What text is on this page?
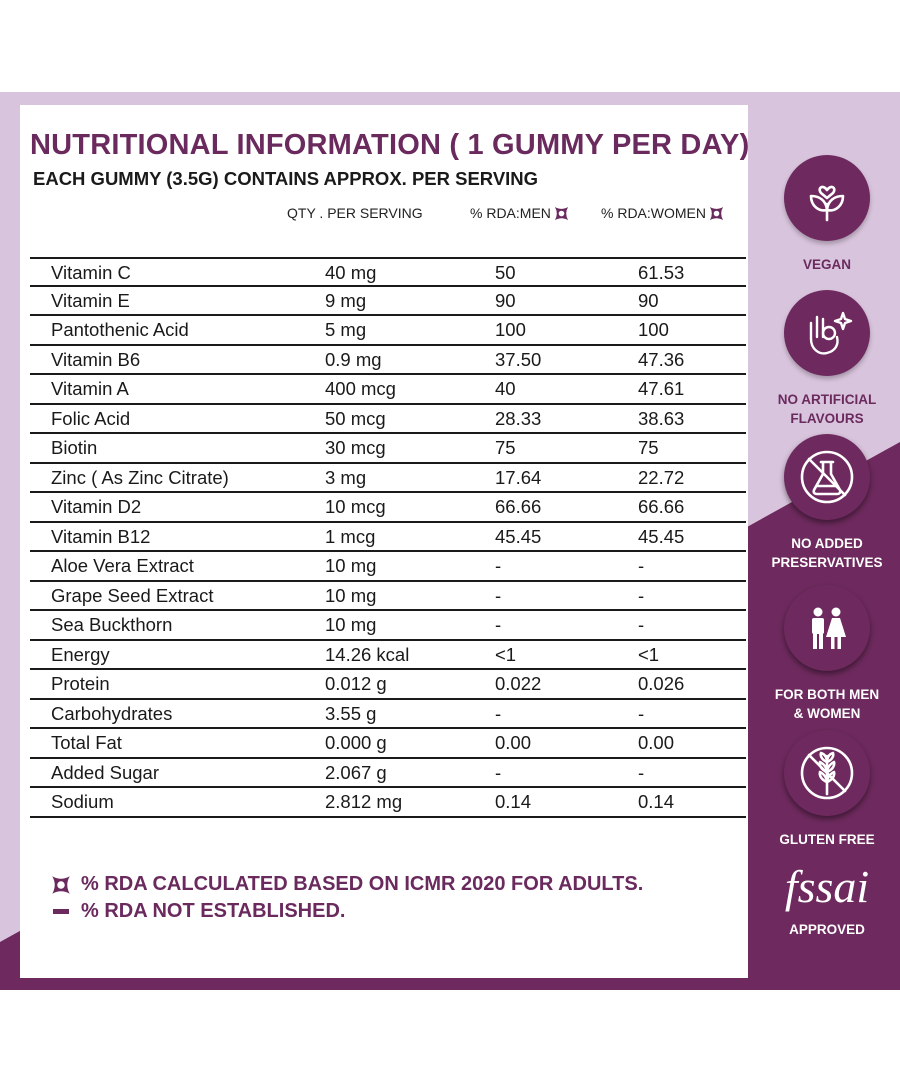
NUTRITIONAL INFORMATION ( 1 GUMMY PER DAY)
EACH GUMMY (3.5G) CONTAINS APPROX. PER SERVING
QTY . PER SERVING	% RDA:MEN	% RDA:WOMEN
Vitamin C	40 mg	50	61.53
Vitamin E	9 mg	90	90
Pantothenic Acid	5 mg	100	100
Vitamin B6	0.9 mg	37.50	47.36
Vitamin A	400 mcg	40	47.61
Folic Acid	50 mcg	28.33	38.63
Biotin	30 mcg	75	75
Zinc ( As Zinc Citrate)	3 mg	17.64	22.72
Vitamin D2	10 mcg	66.66	66.66
Vitamin B12	1 mcg	45.45	45.45
Aloe Vera Extract	10 mg	-	-
Grape Seed Extract	10 mg	-	-
Sea Buckthorn	10 mg	-	-
Energy	14.26 kcal	<1	<1
Protein	0.012 g	0.022	0.026
Carbohydrates	3.55 g	-	-
Total Fat	0.000 g	0.00	0.00
Added Sugar	2.067 g	-	-
Sodium	2.812 mg	0.14	0.14
% RDA CALCULATED BASED ON ICMR 2020 FOR ADULTS.
% RDA NOT ESTABLISHED.
VEGAN
NO ARTIFICIAL
FLAVOURS
NO ADDED
PRESERVATIVES
FOR BOTH MEN
& WOMEN
GLUTEN FREE
fssai
APPROVED
